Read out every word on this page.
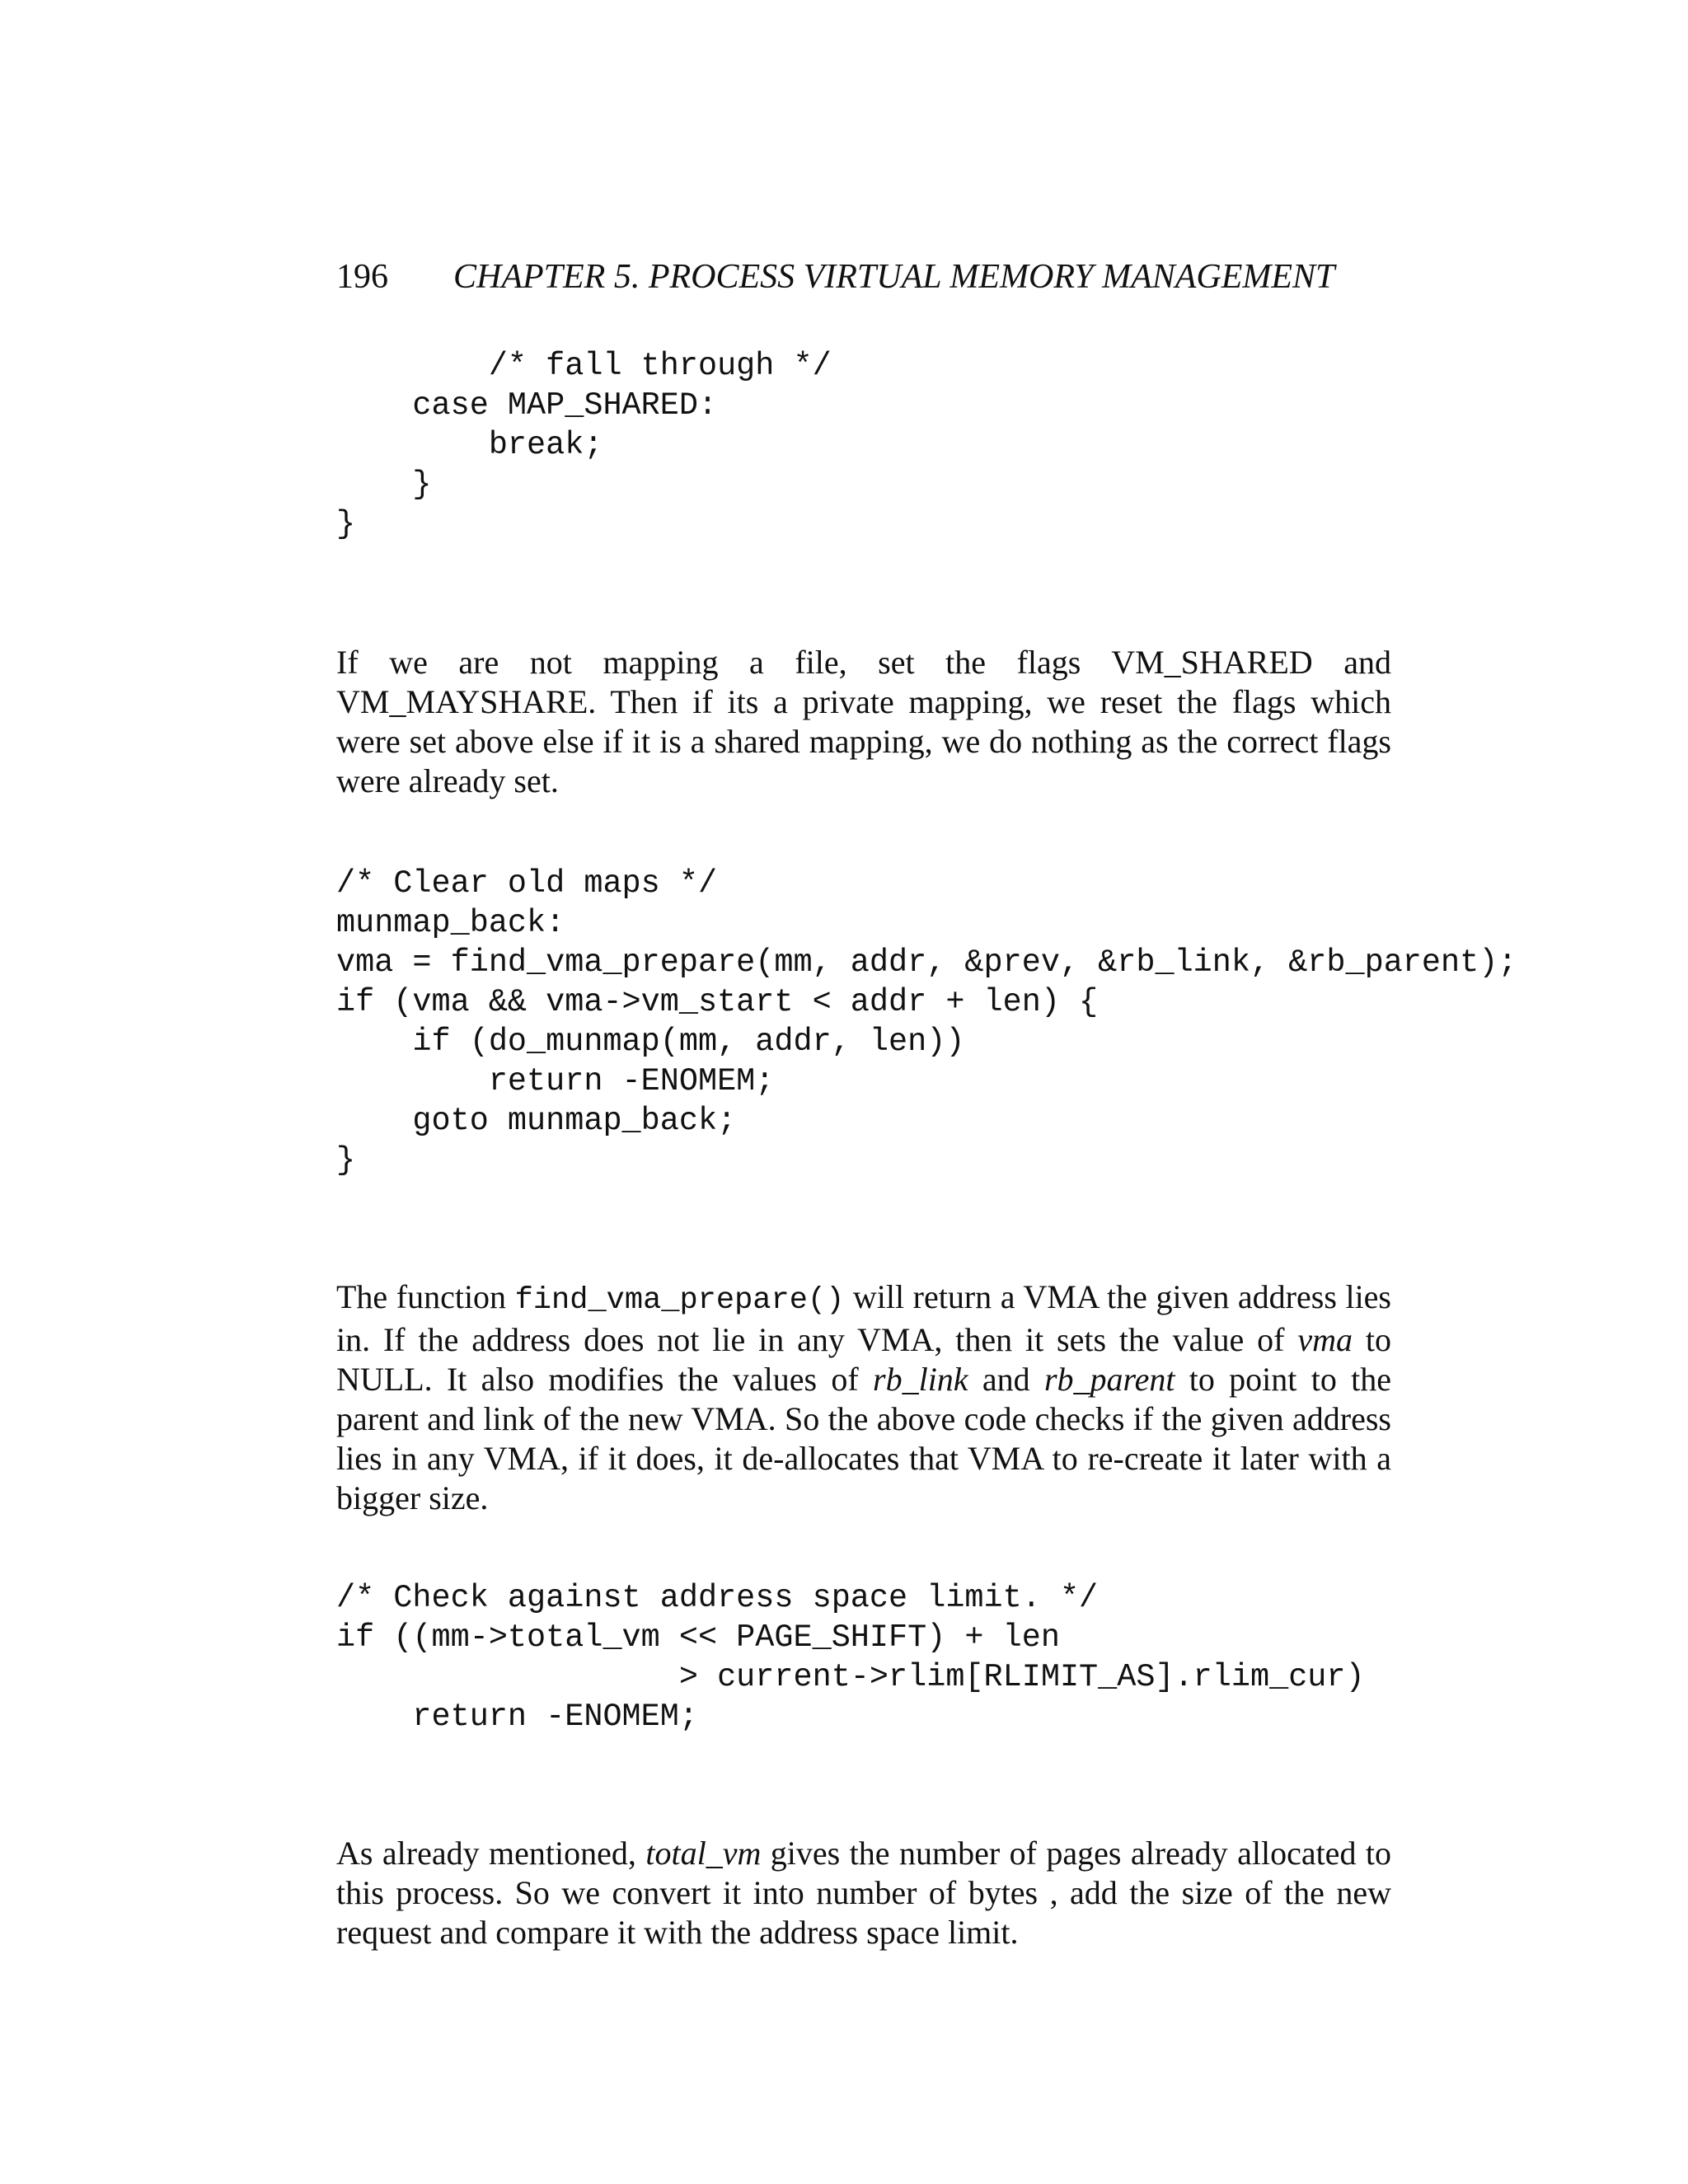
196 CHAPTER 5. PROCESS VIRTUAL MEMORY MANAGEMENT
/* fall through */
case MAP_SHARED:
break;
}
}

If we are not mapping a file, set the flags VM_SHARED and VM_MAYSHARE. Then if its a private mapping, we reset the flags which were set above else if it is a shared mapping, we do nothing as the correct flags were already set.

/* Clear old maps */
munmap_back:
vma = find_vma_prepare(mm, addr, &prev, &rb_link, &rb_parent);
if (vma && vma->vm_start < addr + len) {
if (do_munmap(mm, addr, len))
return -ENOMEM;
goto munmap_back;
}

The function find_vma_prepare() will return a VMA the given address lies in. If the address does not lie in any VMA, then it sets the value of vma to NULL. It also modifies the values of rb_link and rb_parent to point to the parent and link of the new VMA. So the above code checks if the given address lies in any VMA, if it does, it de-allocates that VMA to re-create it later with a bigger size.

/* Check against address space limit. */
if ((mm->total_vm << PAGE_SHIFT) + len
> current->rlim[RLIMIT_AS].rlim_cur)
return -ENOMEM;

As already mentioned, total_vm gives the number of pages already allocated to this process. So we convert it into number of bytes , add the size of the new request and compare it with the address space limit.
